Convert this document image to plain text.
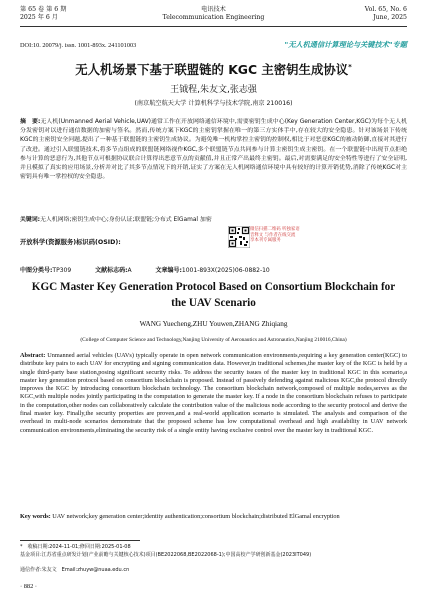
第 65 卷 第 6 期
2025 年 6 月
电讯技术
Telecommunication Engineering
Vol. 65, No. 6
June, 2025
DOI:10. 20079/j. issn. 1001-893x. 241101003	"无人机通信计算理论与关键技术"专题
无人机场景下基于联盟链的 KGC 主密钥生成协议*
王钺程,朱友文,张志强
(南京航空航天大学 计算机科学与技术学院,南京 210016)
摘　要:无人机(Unmanned Aerial Vehicle,UAV)通常工作在开放网络通信环境中,需要密钥生成中心(Key Generation Center,KGC)为每个无人机分发密钥对以进行通信数据的加密与签名。然而,传统方案下KGC的主密钥掌握在唯一的第三方实体手中,存在较大的安全隐患。针对该场景下传统KGC的主密钥安全问题,提出了一种基于联盟链的主密钥生成协议。为避免唯一机构掌控主密钥的控制权,相比于对恶意KGC的被动防御,直接对其进行了改进。通过引入联盟链技术,将多节点组成的联盟链网络视作KGC,多个联盟链节点共同参与计算主密钥生成主密钥。在一个联盟链中出现节点拒绝参与计算的恶意行为,其他节点可根据协议联合计算得出恶意节点的贡献值,并且正常产出最终主密钥。最后,对需要满足的安全特性等进行了安全证明,并且模拟了真实的应用场景,分析并对比了其多节点情况下的开销,证实了方案在无人机网络通信环境中具有较好的计算开销优势,消除了传统KGC对主密钥具有唯一掌控权的安全隐患。
关键词:无人机网络;密钥生成中心;身份认证;联盟链;分布式 ElGamal 加密
开放科学(资源服务)标识码(OSID):
微信扫描二维码 听独家语音释文 与作者在线交流 享本刊专属服务
中图分类号:TP309	文献标志码:A	文章编号:1001-893X(2025)06-0882-10
KGC Master Key Generation Protocol Based on Consortium Blockchain for the UAV Scenario
WANG Yuecheng,ZHU Youwen,ZHANG Zhiqiang
(College of Computer Science and Technology,Nanjing University of Aeronautics and Astronautics,Nanjing 210016,China)
Abstract: Unmanned aerial vehicles (UAVs) typically operate in open network communication environments,requiring a key generation center(KGC) to distribute key pairs to each UAV for encrypting and signing communication data. However,in traditional schemes,the master key of the KGC is held by a single third-party base station,posing significant security risks. To address the security issues of the master key in traditional KGC in this scenario,a master key generation protocol based on consortium blockchain is proposed. Instead of passively defending against malicious KGC,the protocol directly improves the KGC by introducing consortium blockchain technology. The consortium blockchain network,composed of multiple nodes,serves as the KGC,with multiple nodes jointly participating in the computation to generate the master key. If a node in the consortium blockchain refuses to participate in the computation,other nodes can collaboratively calculate the contribution value of the malicious node according to the security protocol and derive the final master key. Finally,the security properties are proven,and a real-world application scenario is simulated. The analysis and comparison of the overhead in multi-node scenarios demonstrate that the proposed scheme has low computational overhead and high availability in UAV network communication environments,eliminating the security risk of a single entity having exclusive control over the master key in traditional KGC.
Key words: UAV network;key generation center;identity authentication;consortium blockchain;distributed ElGamal encryption
*　收稿日期:2024-11-01;修回日期:2025-01-08
基金项目:江苏省重点研发计划(产业前瞻与关键核心技术)项目(BE2022068,BE2022068-1);中国高校产学研创新基金(2023IT049)
通信作者:朱友文　Email:zhuyw@nuaa.edu.cn
· 882 ·
